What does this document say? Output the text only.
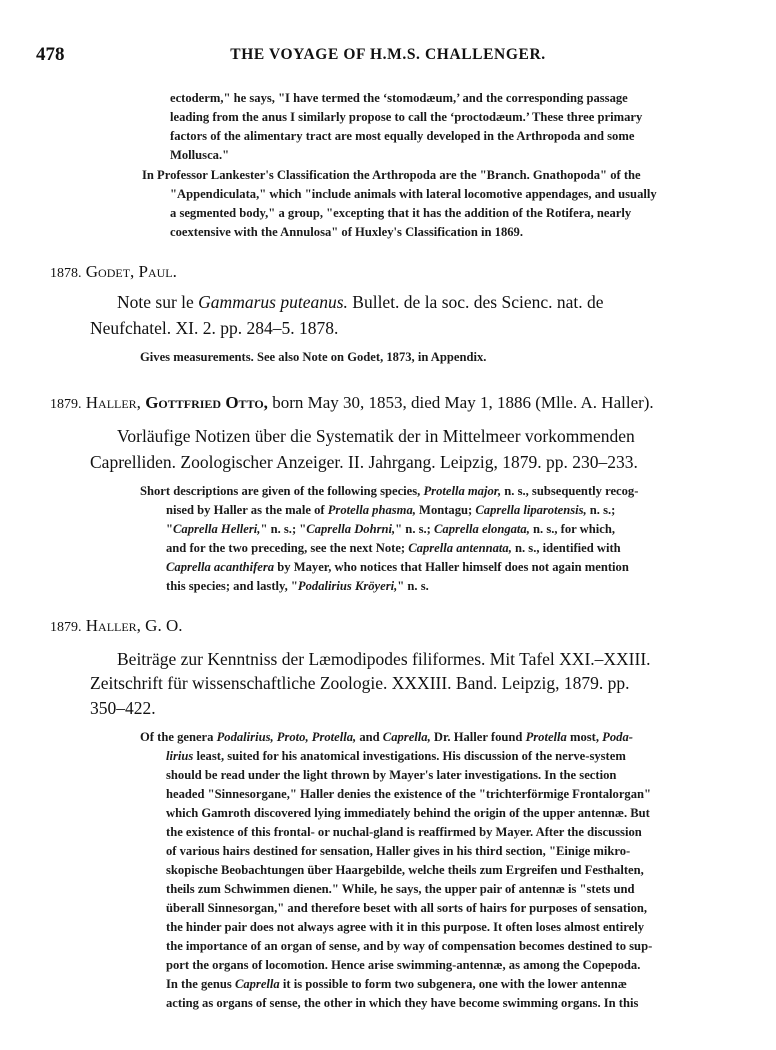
478	THE VOYAGE OF H.M.S. CHALLENGER.
ectoderm," he says, "I have termed the ‘stomodæum,’ and the corresponding passage
leading from the anus I similarly propose to call the ‘proctodæum.’ These three primary
factors of the alimentary tract are most equally developed in the Arthropoda and some
Mollusca."
In Professor Lankester's Classification the Arthropoda are the "Branch. Gnathopoda" of the
"Appendiculata," which "include animals with lateral locomotive appendages, and usually
a segmented body," a group, "excepting that it has the addition of the Rotifera, nearly
coextensive with the Annulosa" of Huxley's Classification in 1869.
1878. Godet, Paul.
Note sur le Gammarus puteanus. Bullet. de la soc. des Scienc. nat. de
Neufchatel. XI. 2. pp. 284–5. 1878.
Gives measurements. See also Note on Godet, 1873, in Appendix.
1879. Haller, Gottfried Otto, born May 30, 1853, died May 1, 1886 (Mlle. A. Haller).
Vorläufige Notizen über die Systematik der in Mittelmeer vorkommenden
Caprelliden. Zoologischer Anzeiger. II. Jahrgang. Leipzig, 1879. pp. 230–233.
Short descriptions are given of the following species, Protella major, n. s., subsequently recog-
nised by Haller as the male of Protella phasma, Montagu; Caprella liparotensis, n. s.;
"Caprella Helleri," n. s.; "Caprella Dohrni," n. s.; Caprella elongata, n. s., for which,
and for the two preceding, see the next Note; Caprella antennata, n. s., identified with
Caprella acanthifera by Mayer, who notices that Haller himself does not again mention
this species; and lastly, "Podalirius Kröyeri," n. s.
1879. Haller, G. O.
Beiträge zur Kenntniss der Læmodipodes filiformes. Mit Tafel XXI.–XXIII.
Zeitschrift für wissenschaftliche Zoologie. XXXIII. Band. Leipzig, 1879. pp.
350–422.
Of the genera Podalirius, Proto, Protella, and Caprella, Dr. Haller found Protella most, Poda-
lirius least, suited for his anatomical investigations. His discussion of the nerve-system
should be read under the light thrown by Mayer's later investigations. In the section
headed "Sinnesorgane," Haller denies the existence of the "trichterförmige Frontalorgan"
which Gamroth discovered lying immediately behind the origin of the upper antennæ. But
the existence of this frontal- or nuchal-gland is reaffirmed by Mayer. After the discussion
of various hairs destined for sensation, Haller gives in his third section, "Einige mikro-
skopische Beobachtungen über Haargebilde, welche theils zum Ergreifen und Festhalten,
theils zum Schwimmen dienen." While, he says, the upper pair of antennæ is "stets und
überall Sinnesorgan," and therefore beset with all sorts of hairs for purposes of sensation,
the hinder pair does not always agree with it in this purpose. It often loses almost entirely
the importance of an organ of sense, and by way of compensation becomes destined to sup-
port the organs of locomotion. Hence arise swimming-antennæ, as among the Copepoda.
In the genus Caprella it is possible to form two subgenera, one with the lower antennæ
acting as organs of sense, the other in which they have become swimming organs. In this
